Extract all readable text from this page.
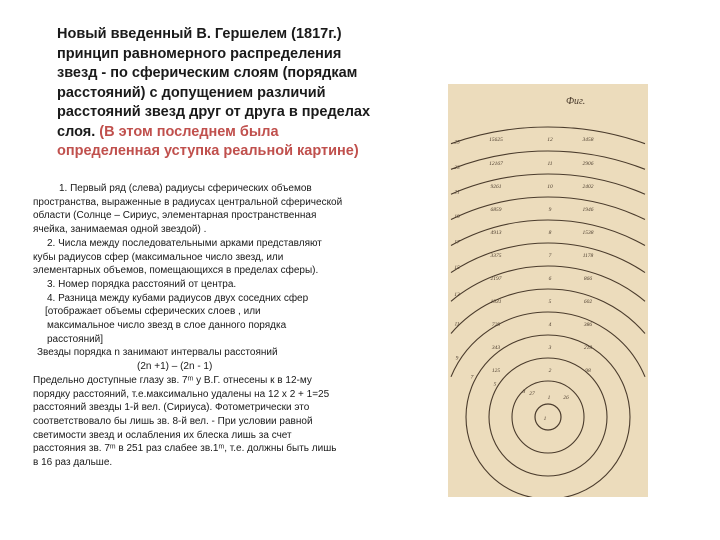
Новый введенный В. Гершелем (1817г.) принцип равномерного распределения звезд - по сферическим слоям (порядкам расстояний) с допущением различий расстояний звезд друг от друга в пределах слоя. (В этом последнем была определенная уступка реальной картине)
1. Первый ряд (слева) радиусы сферических объемов
пространства, выраженные в радиусах центральной сферической
области (Солнце – Сириус, элементарная пространственная
ячейка, занимаемая одной звездой) .
2. Числа между последовательными арками представляют
кубы радиусов сфер (максимальное число звезд, или
элементарных объемов, помещающихся в пределах сферы).
3. Номер порядка расстояний от центра.
4. Разница между кубами радиусов двух соседних сфер
[отображает объемы сферических слоев , или
максимальное число звезд в слое данного порядка
расстояний]
Звезды порядка n занимают интервалы расстояний
(2n +1) – (2n - 1)
Предельно доступные глазу зв. 7ᵐ у В.Г. отнесены к в 12-му
порядку расстояний, т.е.максимально удалены на 12 х 2 + 1=25
расстояний звезды 1-й вел. (Сириуса). Фотометрически это
соответствовало бы лишь зв. 8-й вел. - При условии равной
светимости звезд и ослабления их блеска лишь за счет
расстояния зв. 7ᵐ в 251 раз слабее зв.1ᵐ, т.е. должны быть лишь
в 16 раз дальше.
Фиг.
25
23
21
19
17
15
13
11
9
7
5
3
1
15625
12167
9261
6859
4913
3375
2197
1331
729
343
125
27
12
11
10
9
8
7
6
5
4
3
2
1
3458
2906
2402
1946
1538
1178
866
602
386
218
98
26
